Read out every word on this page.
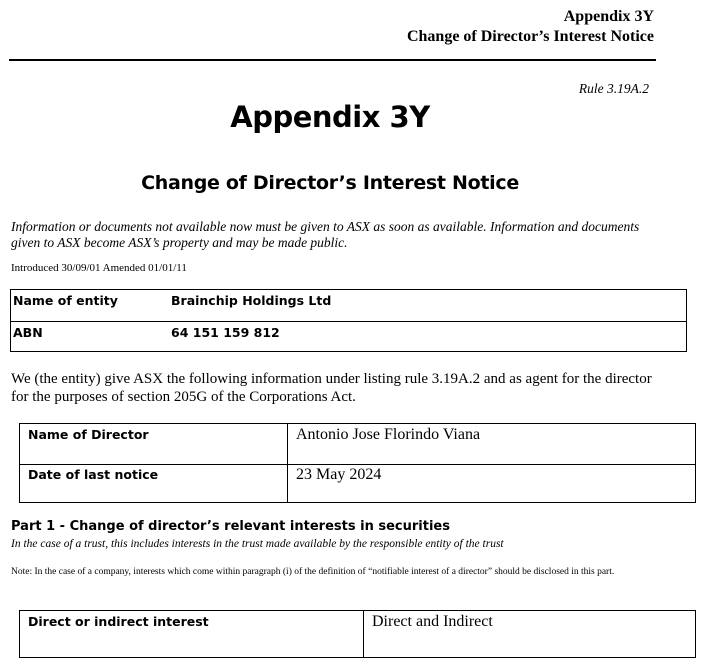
Appendix 3Y
Change of Director’s Interest Notice
Rule 3.19A.2
Appendix 3Y
Change of Director’s Interest Notice
Information or documents not available now must be given to ASX as soon as available. Information and documents given to ASX become ASX’s property and may be made public.
Introduced 30/09/01 Amended 01/01/11
Name of entity	Brainchip Holdings Ltd
ABN	64 151 159 812
We (the entity) give ASX the following information under listing rule 3.19A.2 and as agent for the director for the purposes of section 205G of the Corporations Act.
Name of Director	Antonio Jose Florindo Viana
Date of last notice	23 May 2024
Part 1 - Change of director’s relevant interests in securities
In the case of a trust, this includes interests in the trust made available by the responsible entity of the trust
Note: In the case of a company, interests which come within paragraph (i) of the definition of “notifiable interest of a director” should be disclosed in this part.
Direct or indirect interest	Direct and Indirect
